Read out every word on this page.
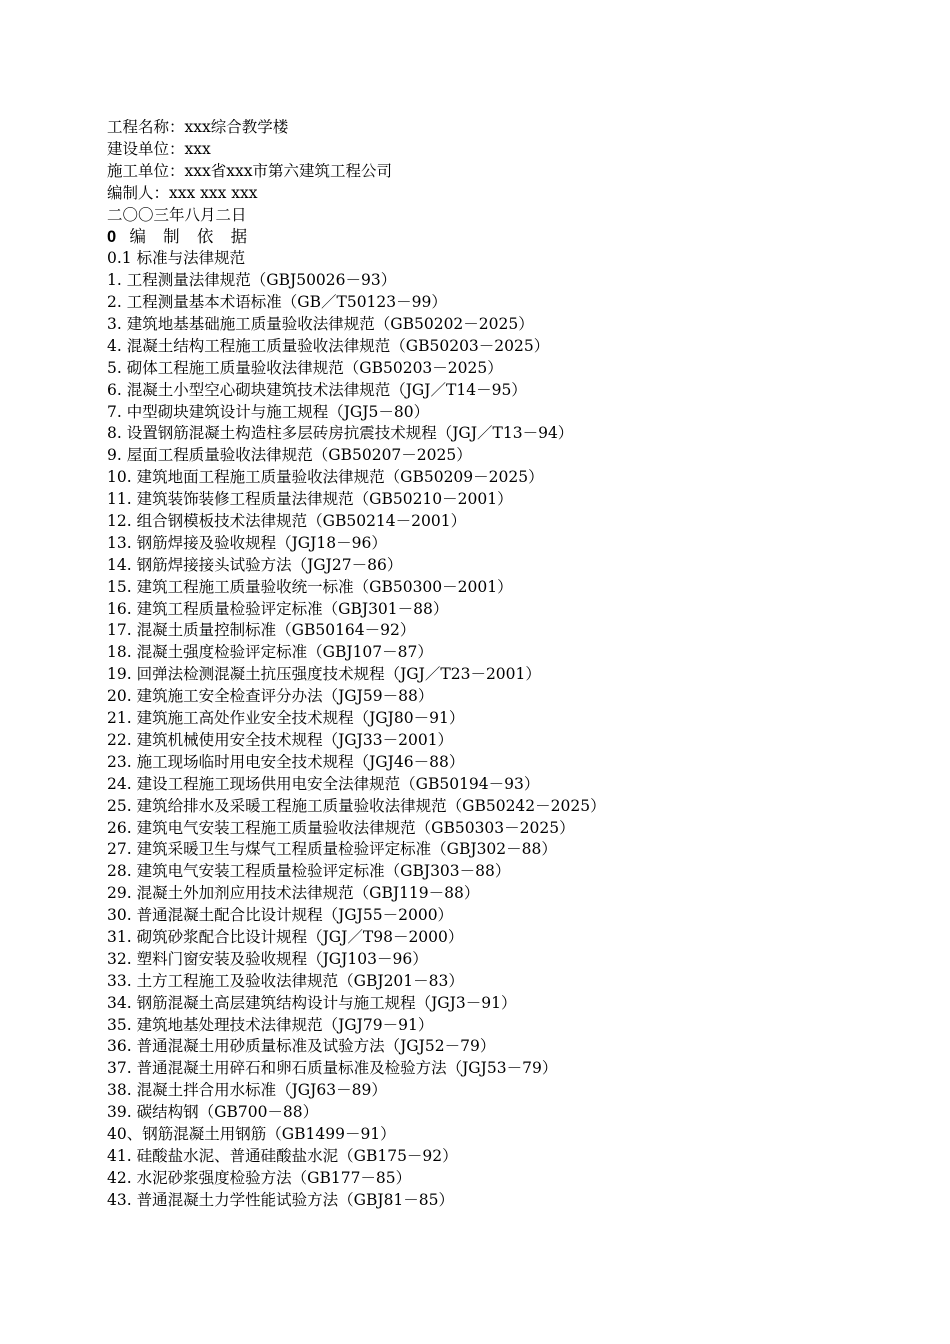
工程名称：xxx综合教学楼
建设单位：xxx
施工单位：xxx省xxx市第六建筑工程公司
编制人：xxx xxx xxx
二〇〇三年八月二日
0 编 制 依 据
0.1 标准与法律规范
1. 工程测量法律规范（GBJ50026－93）
2. 工程测量基本术语标准（GB／T50123－99）
3. 建筑地基基础施工质量验收法律规范（GB50202－2025）
4. 混凝土结构工程施工质量验收法律规范（GB50203－2025）
5. 砌体工程施工质量验收法律规范（GB50203－2025）
6. 混凝土小型空心砌块建筑技术法律规范（JGJ／T14－95）
7. 中型砌块建筑设计与施工规程（JGJ5－80）
8. 设置钢筋混凝土构造柱多层砖房抗震技术规程（JGJ／T13－94）
9. 屋面工程质量验收法律规范（GB50207－2025）
10. 建筑地面工程施工质量验收法律规范（GB50209－2025）
11. 建筑装饰装修工程质量法律规范（GB50210－2001）
12. 组合钢模板技术法律规范（GB50214－2001）
13. 钢筋焊接及验收规程（JGJ18－96）
14. 钢筋焊接接头试验方法（JGJ27－86）
15. 建筑工程施工质量验收统一标准（GB50300－2001）
16. 建筑工程质量检验评定标准（GBJ301－88）
17. 混凝土质量控制标准（GB50164－92）
18. 混凝土强度检验评定标准（GBJ107－87）
19. 回弹法检测混凝土抗压强度技术规程（JGJ／T23－2001）
20. 建筑施工安全检查评分办法（JGJ59－88）
21. 建筑施工高处作业安全技术规程（JGJ80－91）
22. 建筑机械使用安全技术规程（JGJ33－2001）
23. 施工现场临时用电安全技术规程（JGJ46－88）
24. 建设工程施工现场供用电安全法律规范（GB50194－93）
25. 建筑给排水及采暖工程施工质量验收法律规范（GB50242－2025）
26. 建筑电气安装工程施工质量验收法律规范（GB50303－2025）
27. 建筑采暖卫生与煤气工程质量检验评定标准（GBJ302－88）
28. 建筑电气安装工程质量检验评定标准（GBJ303－88）
29. 混凝土外加剂应用技术法律规范（GBJ119－88）
30. 普通混凝土配合比设计规程（JGJ55－2000）
31. 砌筑砂浆配合比设计规程（JGJ／T98－2000）
32. 塑料门窗安装及验收规程（JGJ103－96）
33. 土方工程施工及验收法律规范（GBJ201－83）
34. 钢筋混凝土高层建筑结构设计与施工规程（JGJ3－91）
35. 建筑地基处理技术法律规范（JGJ79－91）
36. 普通混凝土用砂质量标准及试验方法（JGJ52－79）
37. 普通混凝土用碎石和卵石质量标准及检验方法（JGJ53－79）
38. 混凝土拌合用水标准（JGJ63－89）
39. 碳结构钢（GB700－88）
40、钢筋混凝土用钢筋（GB1499－91）
41. 硅酸盐水泥、普通硅酸盐水泥（GB175－92）
42. 水泥砂浆强度检验方法（GB177－85）
43. 普通混凝土力学性能试验方法（GBJ81－85）
